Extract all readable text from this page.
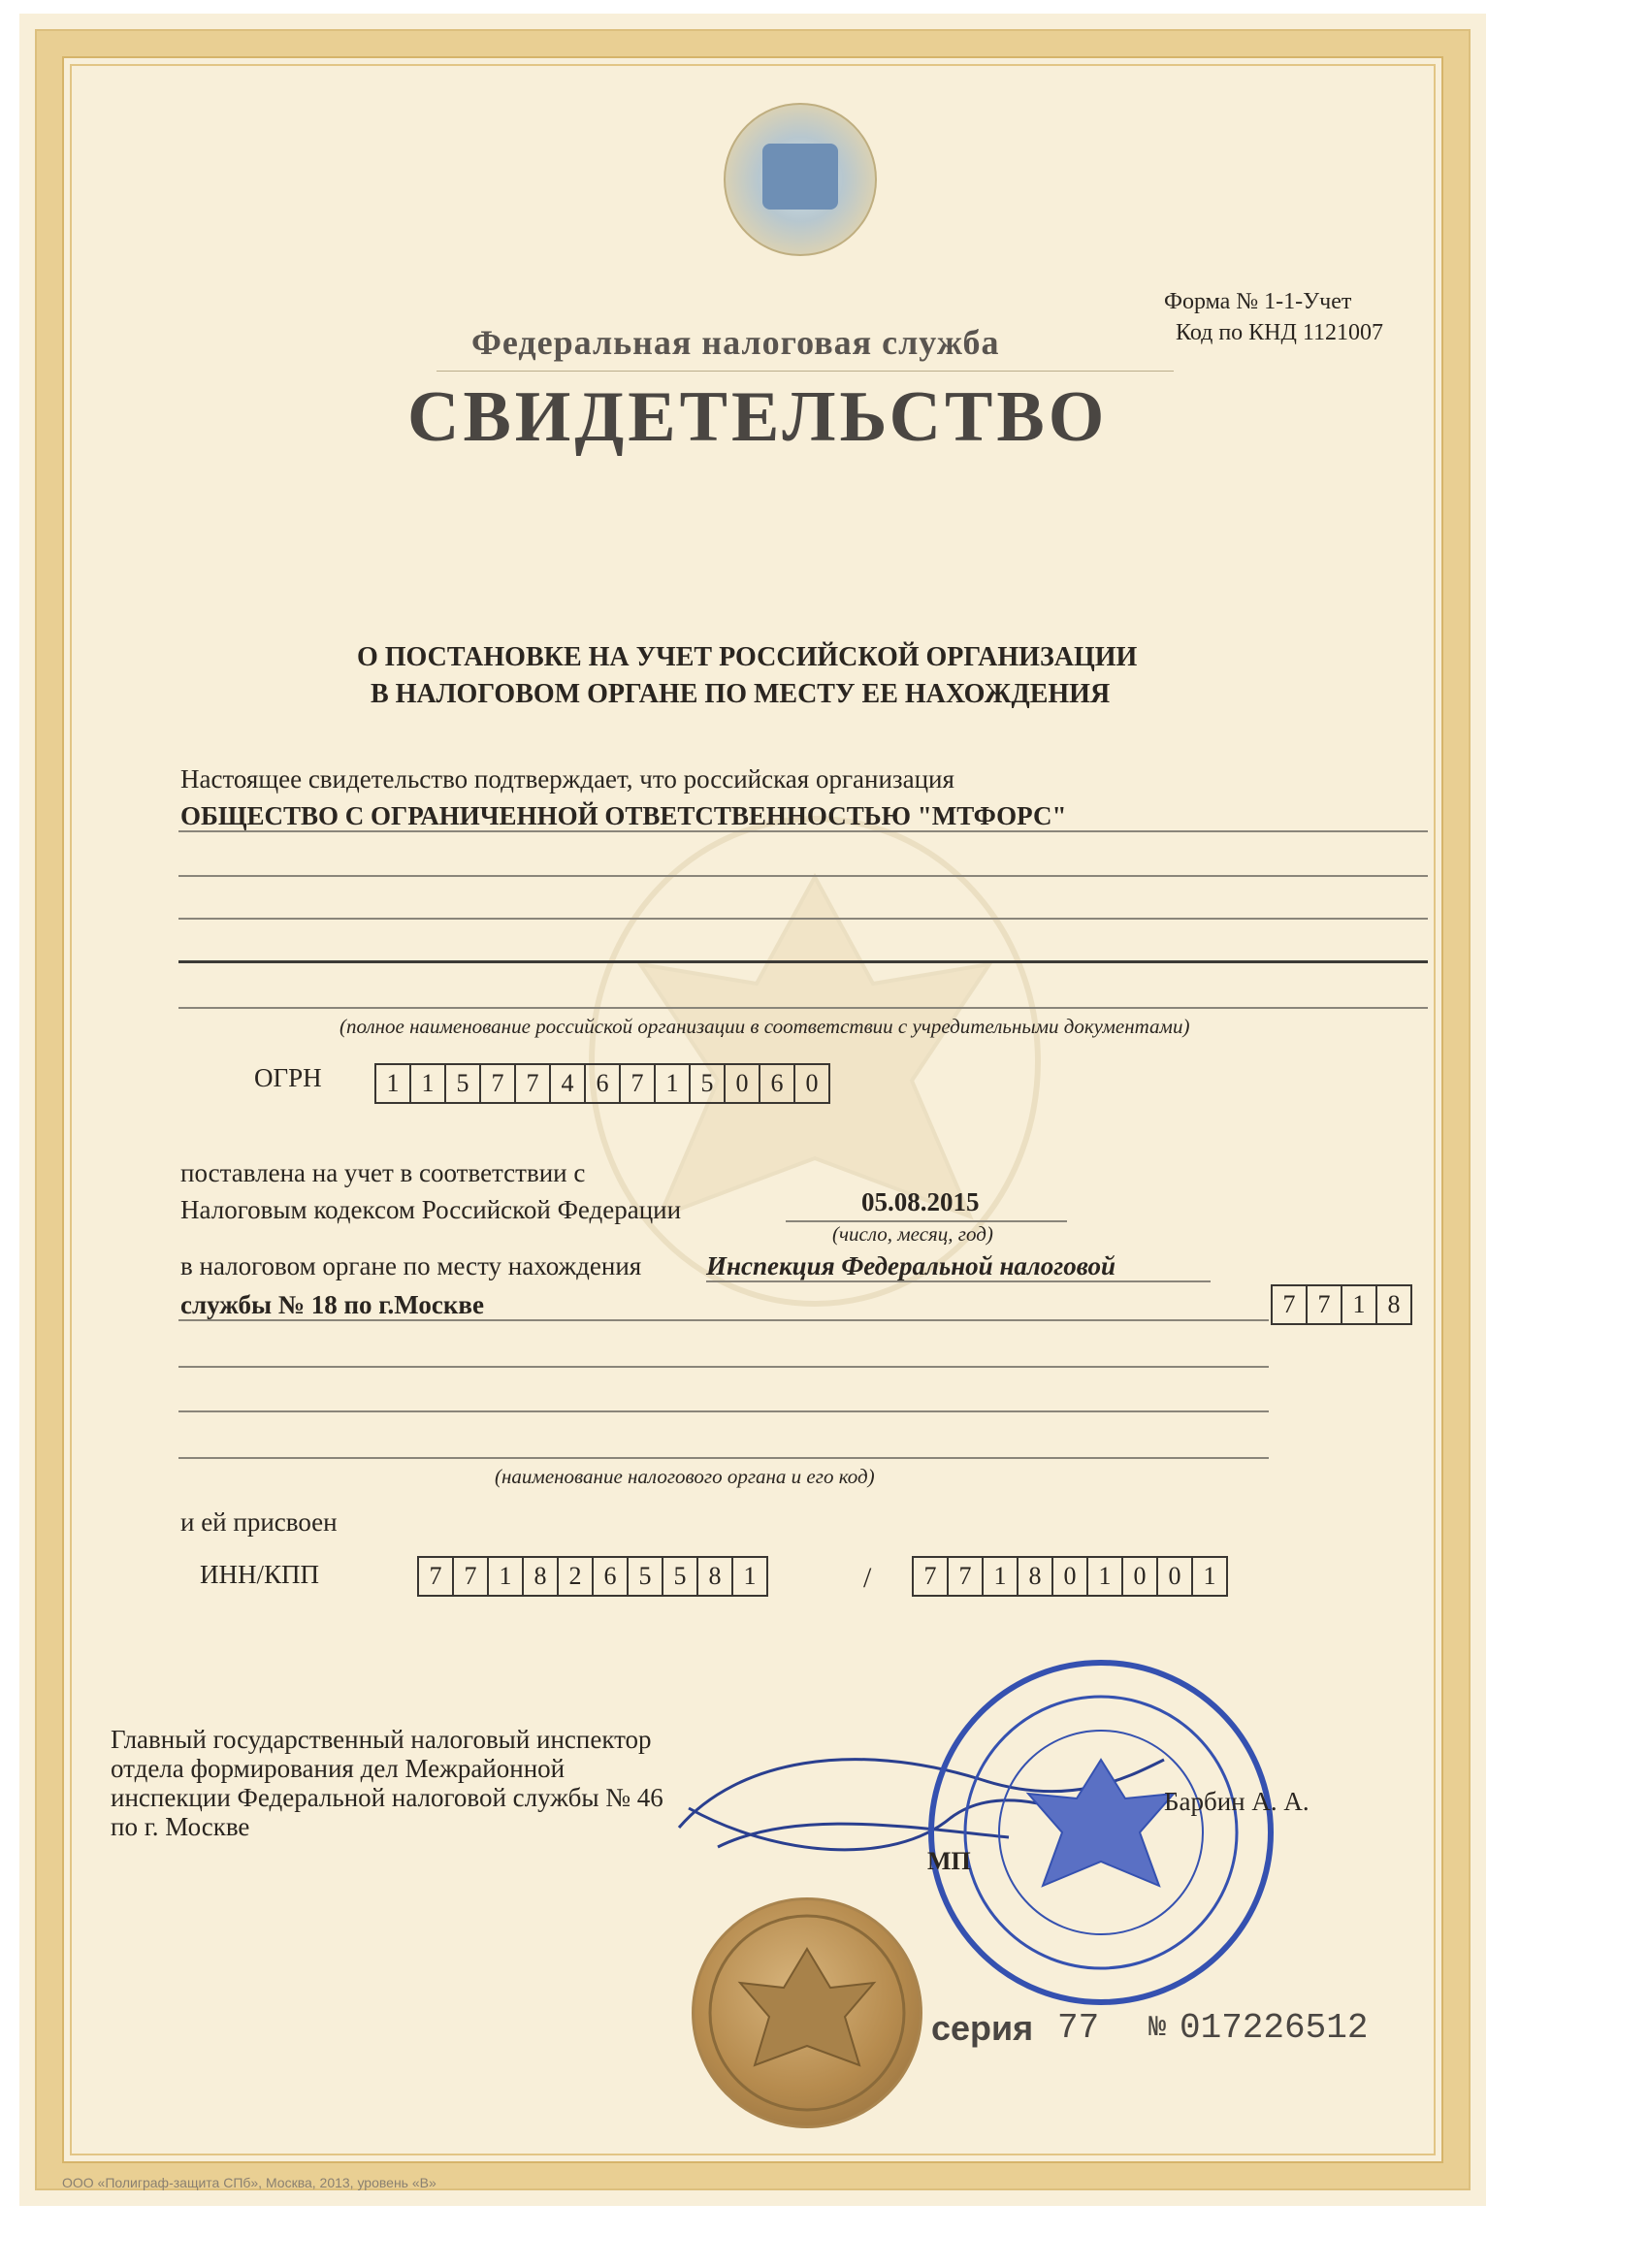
Форма № 1-1-Учет
Код по КНД 1121007
Федеральная налоговая служба
СВИДЕТЕЛЬСТВО
О ПОСТАНОВКЕ НА УЧЕТ РОССИЙСКОЙ ОРГАНИЗАЦИИ
В НАЛОГОВОМ ОРГАНЕ ПО МЕСТУ ЕЕ НАХОЖДЕНИЯ
Настоящее свидетельство подтверждает, что российская организация
ОБЩЕСТВО С ОГРАНИЧЕННОЙ ОТВЕТСТВЕННОСТЬЮ "МТФОРС"
(полное наименование российской организации в соответствии с учредительными документами)
ОГРН	1 1 5 7 7 4 6 7 1 5 0 6 0
поставлена на учет в соответствии с
Налоговым кодексом Российской Федерации	05.08.2015
(число, месяц, год)
в налоговом органе по месту нахождения Инспекция Федеральной налоговой
службы № 18 по г.Москве	7 7 1 8
(наименование налогового органа и его код)
и ей присвоен
ИНН/КПП	7 7 1 8 2 6 5 5 8 1	/	7 7 1 8 0 1 0 0 1
Главный государственный налоговый инспектор
отдела формирования дел Межрайонной
инспекции Федеральной налоговой службы № 46
по г. Москве
Барбин А. А.
МП
серия 77 № 017226512
ООО «Полиграф-защита СПб», Москва, 2013, уровень «В»
